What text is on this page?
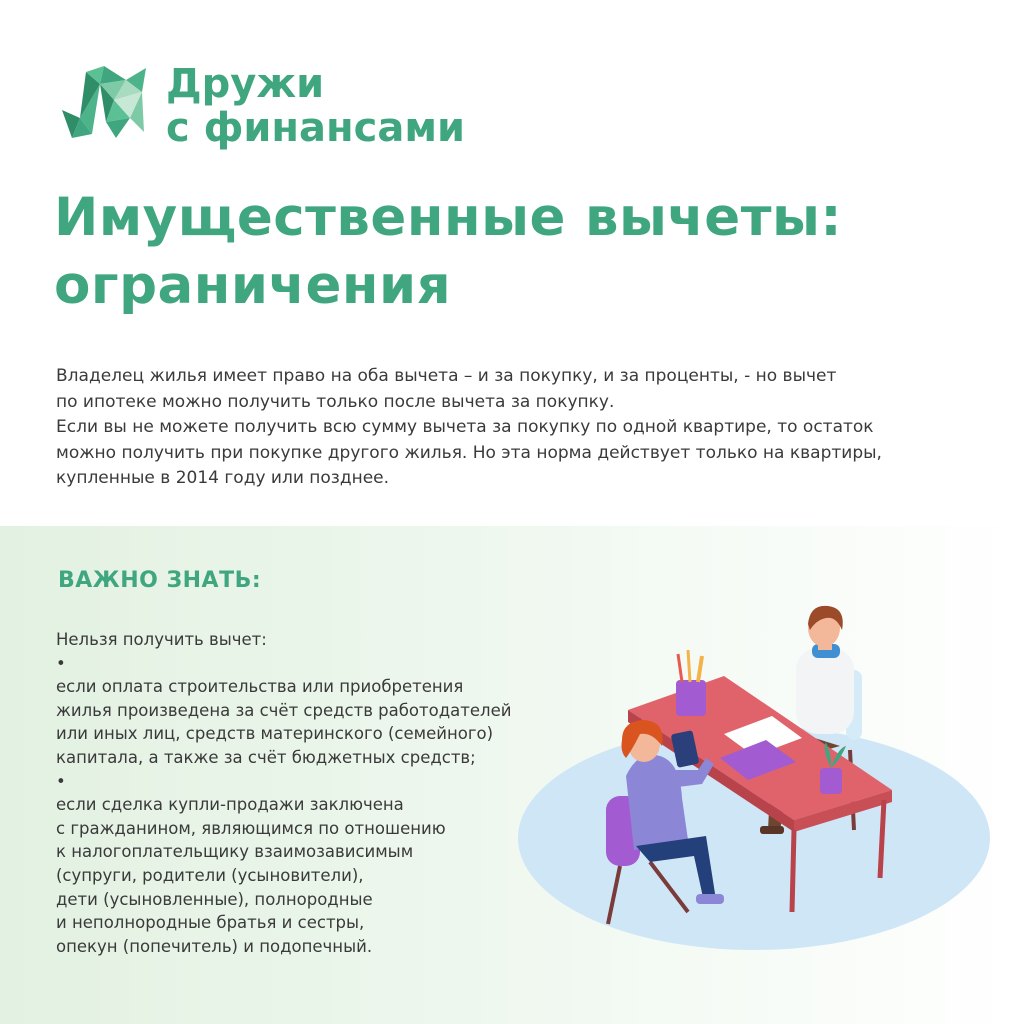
Дружи
с финансами
Имущественные вычеты:
ограничения

Владелец жилья имеет право на оба вычета – и за покупку, и за проценты, - но вычет
по ипотеке можно получить только после вычета за покупку.
Если вы не можете получить всю сумму вычета за покупку по одной квартире, то остаток
можно получить при покупке другого жилья. Но эта норма действует только на квартиры,
купленные в 2014 году или позднее.

ВАЖНО ЗНАТЬ:
Нельзя получить вычет:
•
если оплата строительства или приобретения
жилья произведена за счёт средств работодателей
или иных лиц, средств материнского (семейного)
капитала, а также за счёт бюджетных средств;
•
если сделка купли-продажи заключена
с гражданином, являющимся по отношению
к налогоплательщику взаимозависимым
(супруги, родители (усыновители),
дети (усыновленные), полнородные
и неполнородные братья и сестры,
опекун (попечитель) и подопечный.
